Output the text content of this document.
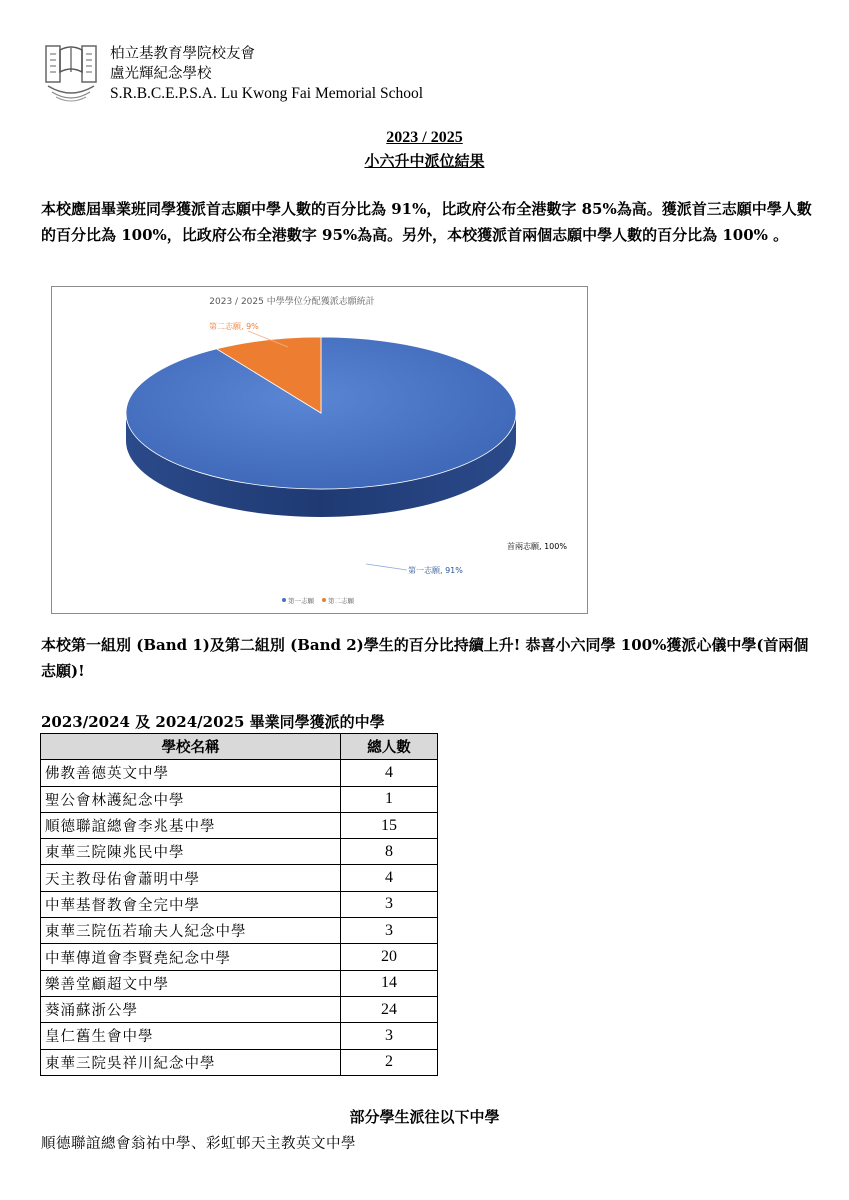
柏立基教育學院校友會
盧光輝紀念學校
S.R.B.C.E.P.S.A. Lu Kwong Fai Memorial School
2023 / 2025
小六升中派位結果
本校應屆畢業班同學獲派首志願中學人數的百分比為 91%，比政府公布全港數字 85%為高。獲派首三志願中學人數的百分比為 100%，比政府公布全港數字 95%為高。另外，本校獲派首兩個志願中學人數的百分比為 100% 。
2023 / 2025 中學學位分配獲派志願統計
第一志願, 91%
第二志願, 9%
首兩志願, 100%
第一志願 第二志願
本校第一組別 (Band 1)及第二組別 (Band 2)學生的百分比持續上升! 恭喜小六同學 100%獲派心儀中學(首兩個志願)!
2023/2024 及 2024/2025 畢業同學獲派的中學
學校名稱	總人數
佛教善德英文中學	4
聖公會林護紀念中學	1
順德聯誼總會李兆基中學	15
東華三院陳兆民中學	8
天主教母佑會蕭明中學	4
中華基督教會全完中學	3
東華三院伍若瑜夫人紀念中學	3
中華傳道會李賢堯紀念中學	20
樂善堂顧超文中學	14
葵涌蘇浙公學	24
皇仁舊生會中學	3
東華三院吳祥川紀念中學	2
部分學生派往以下中學
順德聯誼總會翁祐中學、彩虹邨天主教英文中學
